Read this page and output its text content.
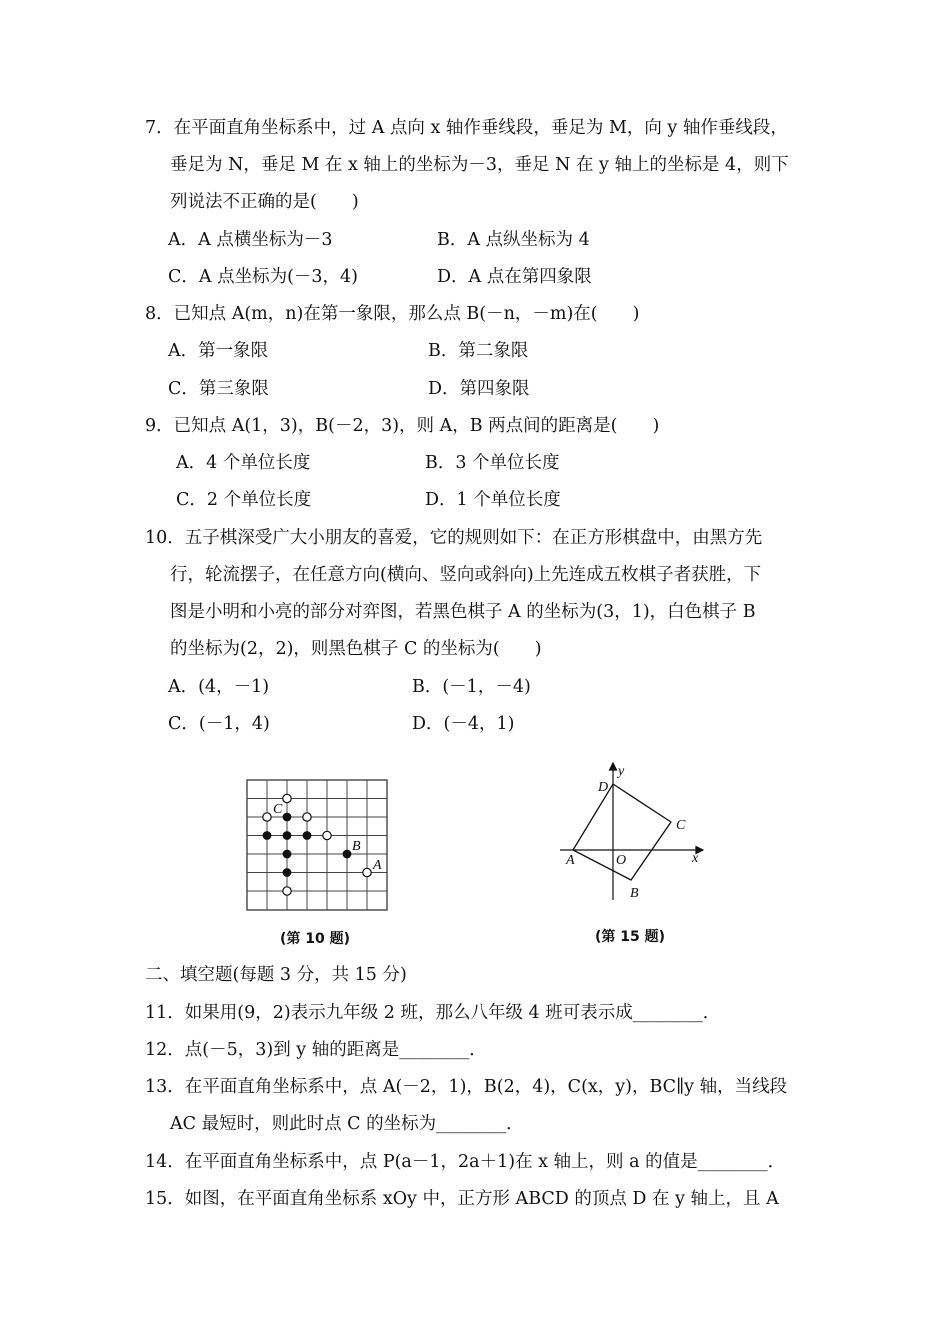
7．在平面直角坐标系中，过 A 点向 x 轴作垂线段，垂足为 M，向 y 轴作垂线段，
垂足为 N，垂足 M 在 x 轴上的坐标为－3，垂足 N 在 y 轴上的坐标是 4，则下
列说法不正确的是(　　)
A．A 点横坐标为－3	B．A 点纵坐标为 4
C．A 点坐标为(－3，4)	D．A 点在第四象限
8．已知点 A(m，n)在第一象限，那么点 B(－n，－m)在(　　)
A．第一象限	B．第二象限
C．第三象限	D．第四象限
9．已知点 A(1，3)，B(－2，3)，则 A，B 两点间的距离是(　　)
A．4 个单位长度	B．3 个单位长度
C．2 个单位长度	D．1 个单位长度
10．五子棋深受广大小朋友的喜爱，它的规则如下：在正方形棋盘中，由黑方先
行，轮流摆子，在任意方向(横向、竖向或斜向)上先连成五枚棋子者获胜，下
图是小明和小亮的部分对弈图，若黑色棋子 A 的坐标为(3，1)，白色棋子 B
的坐标为(2，2)，则黑色棋子 C 的坐标为(　　)
A．(4，－1)	B．(－1，－4)
C．(－1，4)	D．(－4，1)
C
B
A
(第 10 题)
y
x
D
C
B
A	O
(第 15 题)
二、填空题(每题 3 分，共 15 分)
11．如果用(9，2)表示九年级 2 班，那么八年级 4 班可表示成________．
12．点(－5，3)到 y 轴的距离是________．
13．在平面直角坐标系中，点 A(－2，1)，B(2，4)，C(x，y)，BC∥y 轴，当线段
AC 最短时，则此时点 C 的坐标为________．
14．在平面直角坐标系中，点 P(a－1，2a＋1)在 x 轴上，则 a 的值是________．
15．如图，在平面直角坐标系 xOy 中，正方形 ABCD 的顶点 D 在 y 轴上，且 A
